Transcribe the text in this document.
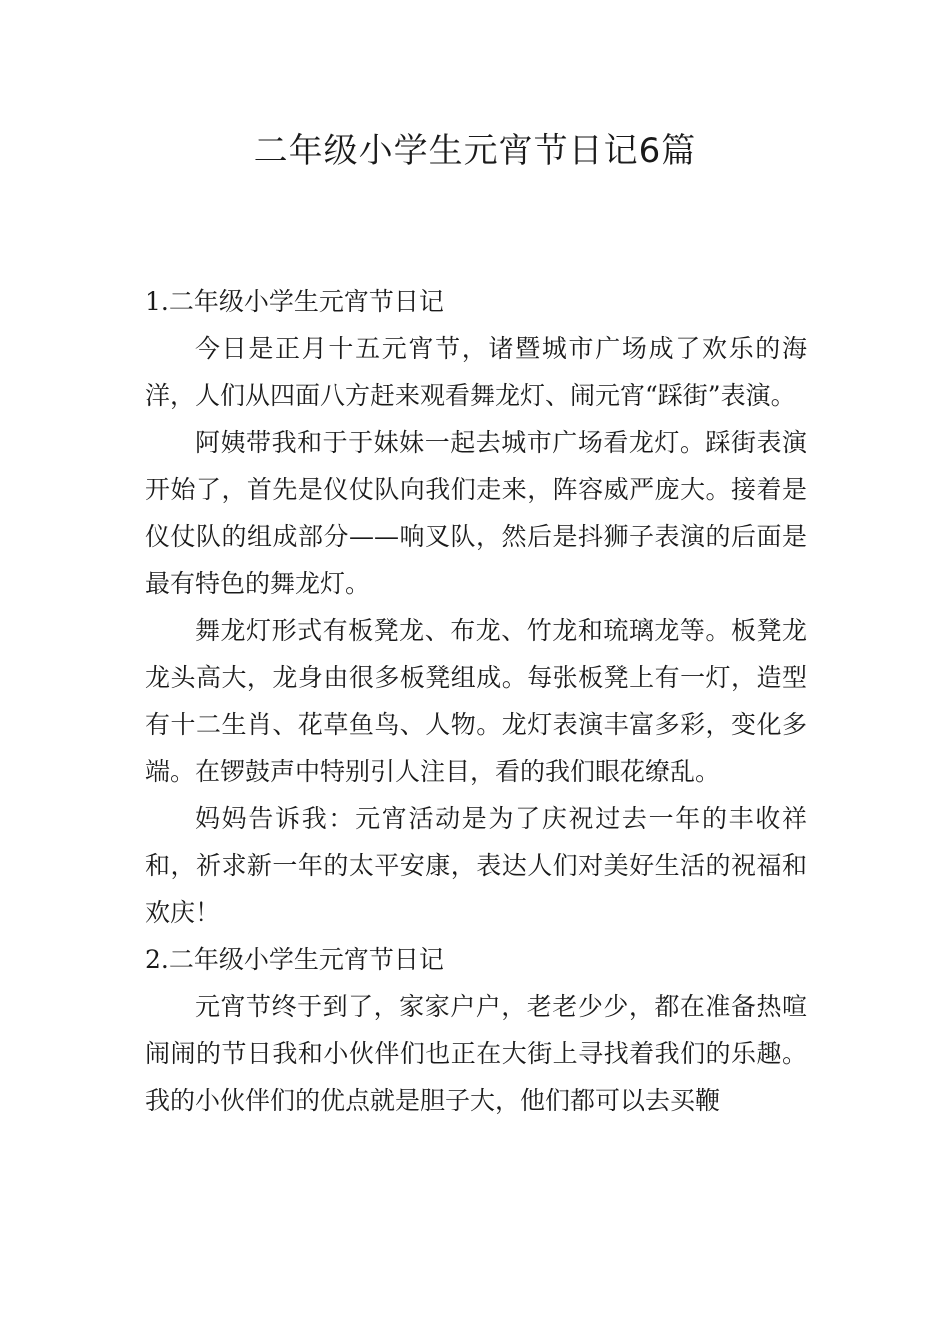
二年级小学生元宵节日记6篇
1.二年级小学生元宵节日记

今日是正月十五元宵节，诸暨城市广场成了欢乐的海洋，人们从四面八方赶来观看舞龙灯、闹元宵“踩街”表演。

阿姨带我和于于妹妹一起去城市广场看龙灯。踩街表演开始了，首先是仪仗队向我们走来，阵容威严庞大。接着是仪仗队的组成部分——响叉队，然后是抖狮子表演的后面是最有特色的舞龙灯。

舞龙灯形式有板凳龙、布龙、竹龙和琉璃龙等。板凳龙龙头高大，龙身由很多板凳组成。每张板凳上有一灯，造型有十二生肖、花草鱼鸟、人物。龙灯表演丰富多彩，变化多端。在锣鼓声中特别引人注目，看的我们眼花缭乱。

妈妈告诉我：元宵活动是为了庆祝过去一年的丰收祥和，祈求新一年的太平安康，表达人们对美好生活的祝福和欢庆！

2.二年级小学生元宵节日记

元宵节终于到了，家家户户，老老少少，都在准备热喧闹闹的节日我和小伙伴们也正在大街上寻找着我们的乐趣。我的小伙伴们的优点就是胆子大，他们都可以去买鞭
